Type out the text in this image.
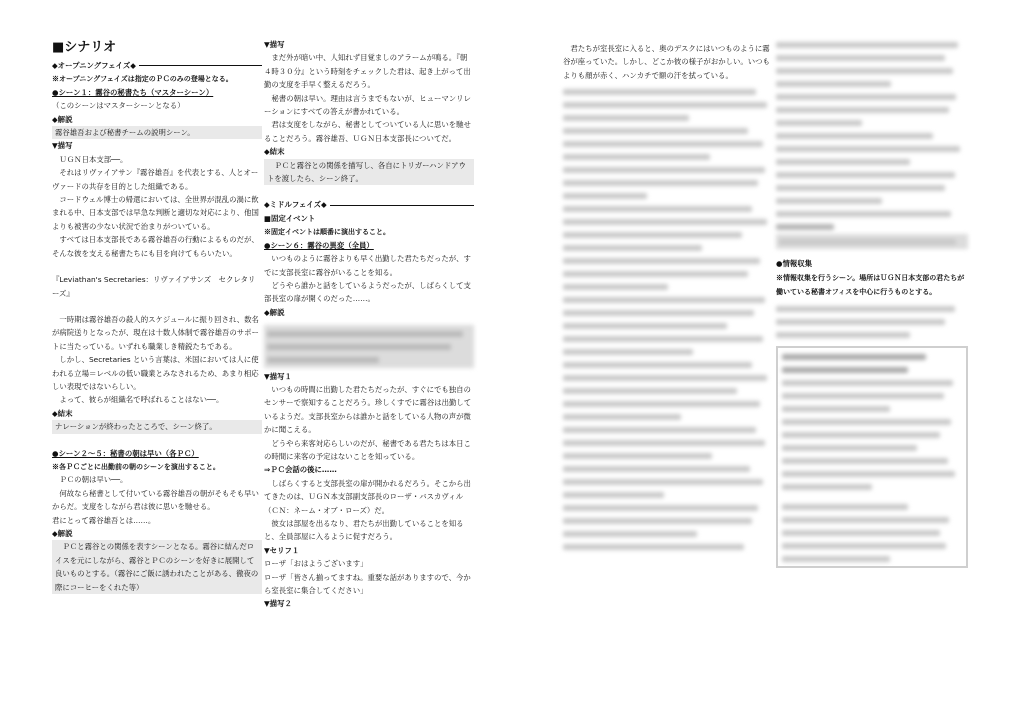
■シナリオ
◆オープニングフェイズ◆
※オープニングフェイズは指定のＰＣのみの登場となる。
●シーン１：霧谷の秘書たち（マスターシーン）

（このシーンはマスターシーンとなる）

◆解説
霧谷雄吾および秘書チームの説明シーン。
▼描写

ＵＧＮ日本支部──。

それはリヴァイアサン『霧谷雄吾』を代表とする、人とオーヴァードの共存を目的とした組織である。

コードウェル博士の帰還においては、全世界が混乱の渦に飲まれる中、日本支部では早急な判断と適切な対応により、他国よりも被害の少ない状況で治まりがついている。

すべては日本支部長である霧谷雄吾の行動によるものだが、そんな彼を支える秘書たちにも目を向けてもらいたい。

『Leviathan's Secretaries：リヴァイアサンズ　セクレタリーズ』

一時期は霧谷雄吾の殺人的スケジュールに振り回され、数名が病院送りとなったが、現在は十数人体制で霧谷雄吾のサポートに当たっている。いずれも職業しき精鋭たちである。

しかし、Secretaries という言葉は、米国においては人に使われる立場＝レベルの低い職業とみなされるため、あまり相応しい表現ではないらしい。

よって、彼らが組織名で呼ばれることはない──。

◆結末
ナレーションが終わったところで、シーン終了。
●シーン２〜５：秘書の朝は早い（各ＰＣ）
※各ＰＣごとに出勤前の朝のシーンを演出すること。

ＰＣの朝は早い──。

何故なら秘書として付いている霧谷雄吾の朝がそもそも早いからだ。支度をしながら君は彼に思いを馳せる。

君にとって霧谷雄吾とは……。

◆解説

ＰＣと霧谷との関係を表すシーンとなる。霧谷に結んだロイスを元にしながら、霧谷とＰＣのシーンを好きに展開して良いものとする。（霧谷にご飯に誘われたことがある、徹夜の際にコーヒーをくれた等）

▼描写

まだ外が暗い中、人知れず目覚ましのアラームが鳴る。『朝４時３０分』という時刻をチェックした君は、起き上がって出勤の支度を手早く整えるだろう。

秘書の朝は早い。理由は言うまでもないが、ヒューマンリレーションにすべての答えが書かれている。

君は支度をしながら、秘書としてついている人に思いを馳せることだろう。霧谷雄吾、ＵＧＮ日本支部長についてだ。

◆結末

ＰＣと霧谷との関係を描写し、各自にトリガーハンドアウトを渡したら、シーン終了。

◆ミドルフェイズ◆
■固定イベント
※固定イベントは順番に演出すること。
●シーン６：霧谷の異変（全員）

いつものように霧谷よりも早く出勤した君たちだったが、すでに支部長室に霧谷がいることを知る。

どうやら誰かと話をしているようだったが、しばらくして支部長室の扉が開くのだった……。

◆解説
▼描写１

いつもの時間に出勤した君たちだったが、すぐにでも独自のセンサーで察知することだろう。珍しくすでに霧谷は出勤しているようだ。支部長室からは誰かと話をしている人物の声が微かに聞こえる。

どうやら来客対応らしいのだが、秘書である君たちは本日この時間に来客の予定はないことを知っている。

⇒ＰＣ会話の後に……

しばらくすると支部長室の扉が開かれるだろう。そこから出てきたのは、ＵＧＮ本支部副支部長のローザ・バスカヴィル（ＣＮ：ネーム・オブ・ローズ）だ。

彼女は部屋を出るなり、君たちが出勤していることを知ると、全員部屋に入るように促すだろう。

▼セリフ１

ローザ「おはようございます」

ローザ「皆さん揃ってますね。重要な話がありますので、今から室長室に集合してください」

▼描写２

君たちが室長室に入ると、奥のデスクにはいつものように霧谷が座っていた。しかし、どこか彼の様子がおかしい。いつもよりも顔が赤く、ハンカチで額の汗を拭っている。

●情報収集
※情報収集を行うシーン。場所はＵＧＮ日本支部の君たちが働いている秘書オフィスを中心に行うものとする。
